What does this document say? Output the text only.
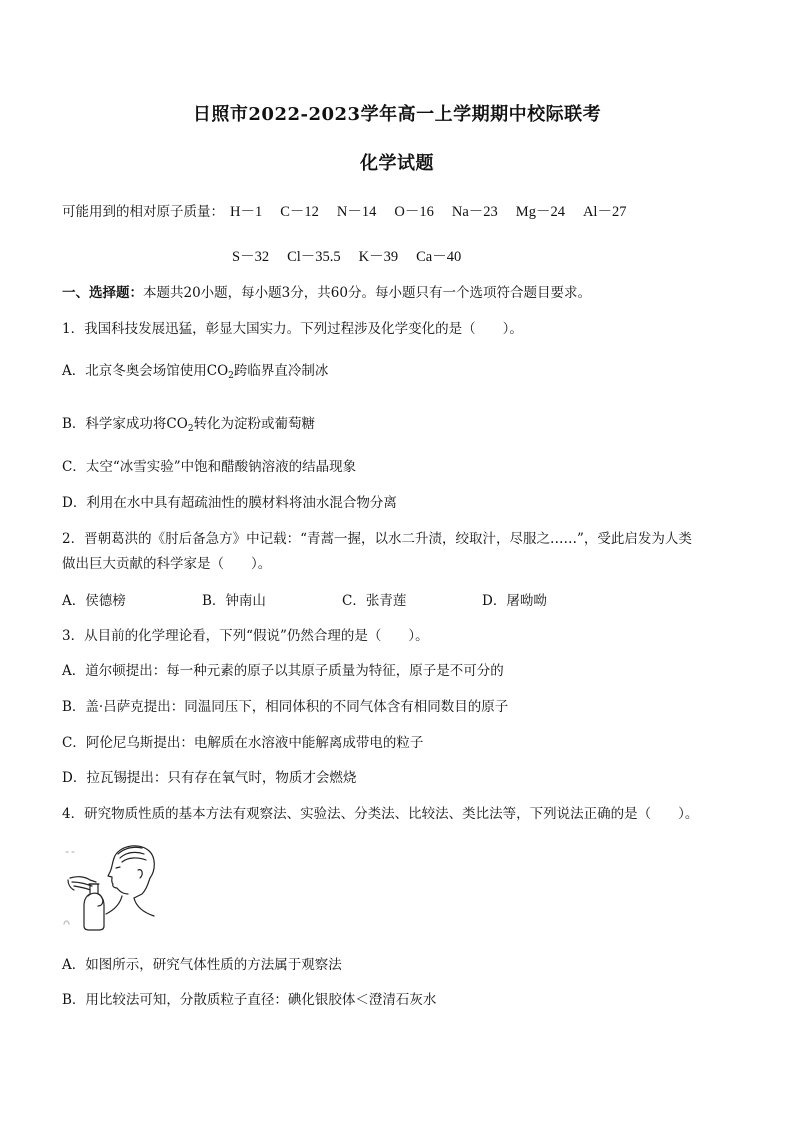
日照市2022-2023学年高一上学期期中校际联考
化学试题
可能用到的相对原子质量： H－1 C－12 N－14 O－16 Na－23 Mg－24 Al－27
S－32 Cl－35.5 K－39 Ca－40
一、选择题：本题共20小题，每小题3分，共60分。每小题只有一个选项符合题目要求。
1．我国科技发展迅猛，彰显大国实力。下列过程涉及化学变化的是（　　）。
A．北京冬奥会场馆使用$CO_2$跨临界直冷制冰
B．科学家成功将$CO_2$转化为淀粉或葡萄糖
C．太空“冰雪实验”中饱和醋酸钠溶液的结晶现象
D．利用在水中具有超疏油性的膜材料将油水混合物分离
2．晋朝葛洪的《肘后备急方》中记载：“青蒿一握，以水二升渍，绞取汁，尽服之……”，受此启发为人类
做出巨大贡献的科学家是（　　）。
A．侯德榜	B．钟南山	C．张青莲	D．屠呦呦
3．从目前的化学理论看，下列“假说”仍然合理的是（　　）。
A．道尔顿提出：每一种元素的原子以其原子质量为特征，原子是不可分的
B．盖·吕萨克提出：同温同压下，相同体积的不同气体含有相同数目的原子
C．阿伦尼乌斯提出：电解质在水溶液中能解离成带电的粒子
D．拉瓦锡提出：只有存在氧气时，物质才会燃烧
4．研究物质性质的基本方法有观察法、实验法、分类法、比较法、类比法等，下列说法正确的是（　　）。
A．如图所示，研究气体性质的方法属于观察法
B．用比较法可知，分散质粒子直径：碘化银胶体＜澄清石灰水
